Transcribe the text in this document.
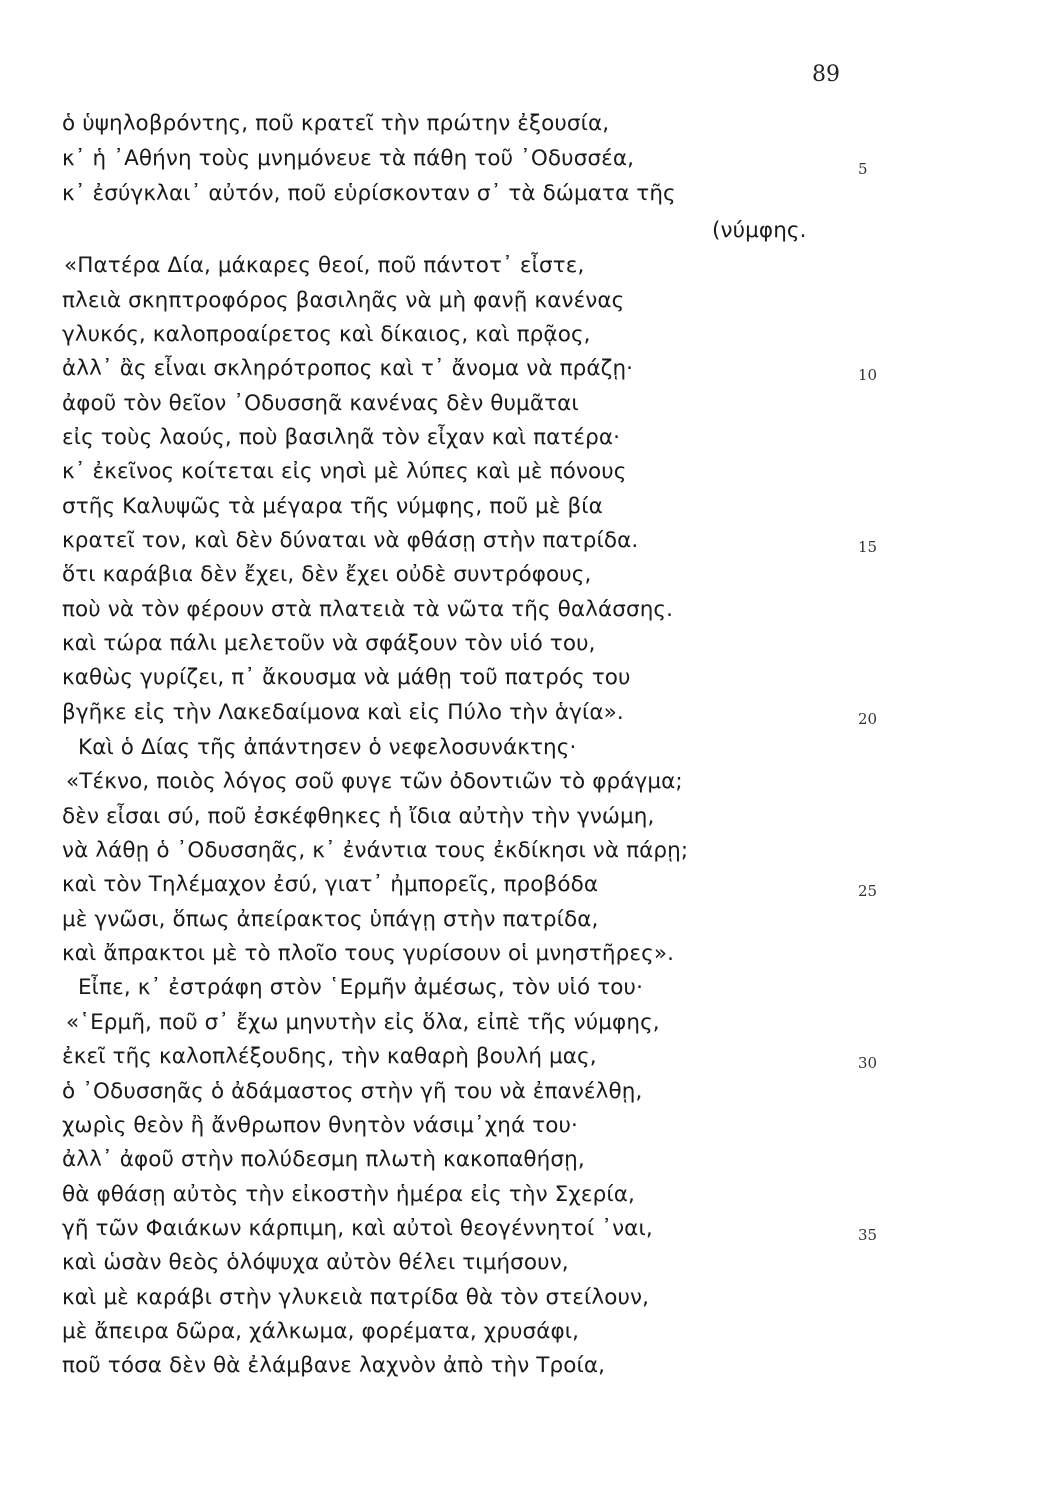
89
ὁ ὑψηλοβρόντης, ποῦ κρατεῖ τὴν πρώτην ἐξουσία,
κ᾽ ἡ ᾽Αθήνη τοὺς μνημόνευε τὰ πάθη τοῦ ᾽Οδυσσέα,
κ᾽ ἐσύγκλαι᾽ αὐτόν, ποῦ εὑρίσκονταν σ᾽ τὰ δώματα τῆς
(νύμφης.
«Πατέρα Δία, μάκαρες θεοί, ποῦ πάντοτ᾽ εἶστε,
πλειὰ σκηπτροφόρος βασιληᾶς νὰ μὴ φανῇ κανένας
γλυκός, καλοπροαίρετος καὶ δίκαιος, καὶ πρᾷος,
ἀλλ᾽ ἂς εἶναι σκληρότροπος καὶ τ᾽ ἄνομα νὰ πράζῃ·
ἀφοῦ τὸν θεῖον ᾽Οδυσσηᾶ κανένας δὲν θυμᾶται
εἰς τοὺς λαούς, ποὺ βασιληᾶ τὸν εἶχαν καὶ πατέρα·
κ᾽ ἐκεῖνος κοίτεται εἰς νησὶ μὲ λύπες καὶ μὲ πόνους
στῆς Καλυψῶς τὰ μέγαρα τῆς νύμφης, ποῦ μὲ βία
κρατεῖ τον, καὶ δὲν δύναται νὰ φθάσῃ στὴν πατρίδα.
ὅτι καράβια δὲν ἔχει, δὲν ἔχει οὐδὲ συντρόφους,
ποὺ νὰ τὸν φέρουν στὰ πλατειὰ τὰ νῶτα τῆς θαλάσσης.
καὶ τώρα πάλι μελετοῦν νὰ σφάξουν τὸν υἱό του,
καθὼς γυρίζει, π᾽ ἄκουσμα νὰ μάθῃ τοῦ πατρός του
βγῆκε εἰς τὴν Λακεδαίμονα καὶ εἰς Πύλο τὴν ἁγία».
Καὶ ὁ Δίας τῆς ἀπάντησεν ὁ νεφελοσυνάκτης·
«Τέκνο, ποιὸς λόγος σοῦ φυγε τῶν ὀδοντιῶν τὸ φράγμα;
δὲν εἶσαι σύ, ποῦ ἐσκέφθηκες ἡ ἴδια αὐτὴν τὴν γνώμη,
νὰ λάθῃ ὁ ᾽Οδυσσηᾶς, κ᾽ ἐνάντια τους ἐκδίκησι νὰ πάρῃ;
καὶ τὸν Τηλέμαχον ἐσύ, γιατ᾽ ἠμπορεῖς, προβόδα
μὲ γνῶσι, ὅπως ἀπείρακτος ὑπάγῃ στὴν πατρίδα,
καὶ ἄπρακτοι μὲ τὸ πλοῖο τους γυρίσουν οἱ μνηστῆρες».
Εἶπε, κ᾽ ἐστράφη στὸν ῾Ερμῆν ἀμέσως, τὸν υἱό του·
«῾Ερμῆ, ποῦ σ᾽ ἔχω μηνυτὴν εἰς ὅλα, εἰπὲ τῆς νύμφης,
ἐκεῖ τῆς καλοπλέξουδης, τὴν καθαρὴ βουλή μας,
ὁ ᾽Οδυσσηᾶς ὁ ἀδάμαστος στὴν γῆ του νὰ ἐπανέλθῃ,
χωρὶς θεὸν ἢ ἄνθρωπον θνητὸν νάσιμ᾽χηά του·
ἀλλ᾽ ἀφοῦ στὴν πολύδεσμη πλωτὴ κακοπαθήσῃ,
θὰ φθάσῃ αὐτὸς τὴν εἰκοστὴν ἡμέρα εἰς τὴν Σχερία,
γῆ τῶν Φαιάκων κάρπιμη, καὶ αὐτοὶ θεογέννητοί ᾽ναι,
καὶ ὡσὰν θεὸς ὁλόψυχα αὐτὸν θέλει τιμήσουν,
καὶ μὲ καράβι στὴν γλυκειὰ πατρίδα θὰ τὸν στείλουν,
μὲ ἄπειρα δῶρα, χάλκωμα, φορέματα, χρυσάφι,
ποῦ τόσα δὲν θὰ ἐλάμβανε λαχνὸν ἀπὸ τὴν Τροία,
5
10
15
20
25
30
35
